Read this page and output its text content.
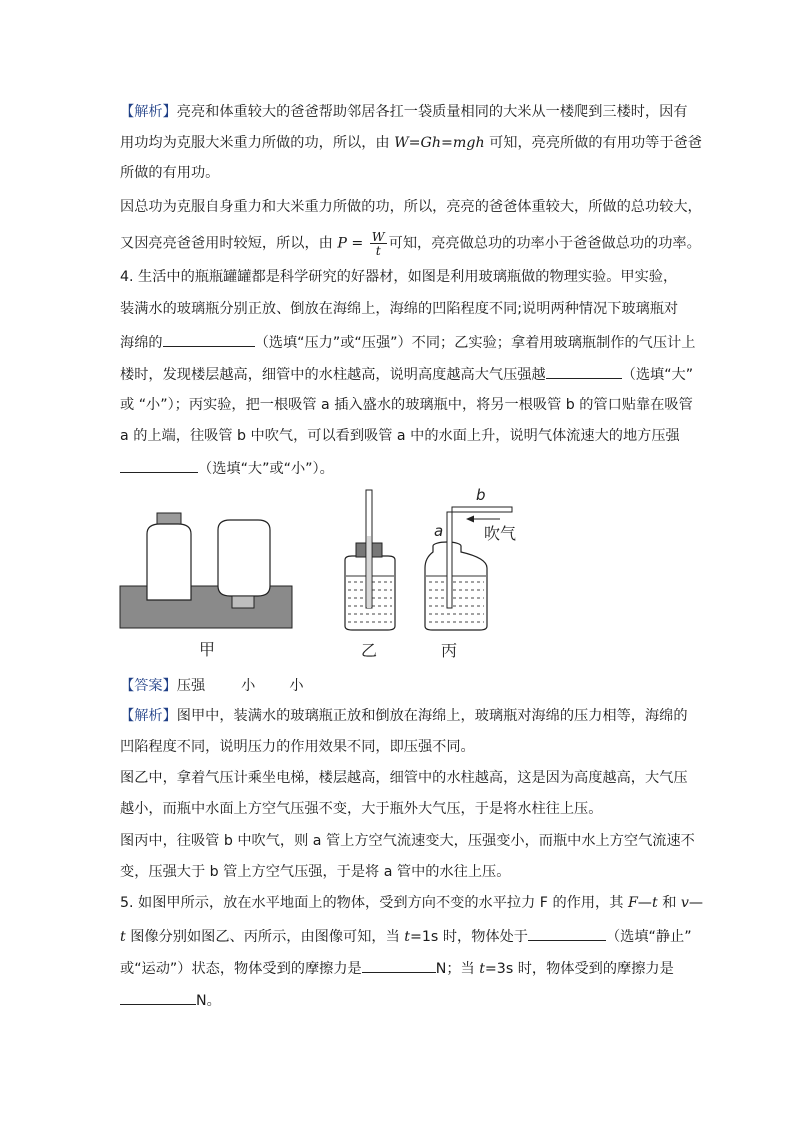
【解析】亮亮和体重较大的爸爸帮助邻居各扛一袋质量相同的大米从一楼爬到三楼时，因有

用功均为克服大米重力所做的功，所以，由 W=Gh=mgh 可知，亮亮所做的有用功等于爸爸

所做的有用功。

因总功为克服自身重力和大米重力所做的功，所以，亮亮的爸爸体重较大，所做的总功较大，

又因亮亮爸爸用时较短，所以，由 $P = \frac{W}{t}$ 可知，亮亮做总功的功率小于爸爸做总功的功率。

4. 生活中的瓶瓶罐罐都是科学研究的好器材，如图是利用玻璃瓶做的物理实验。甲实验，

装满水的玻璃瓶分别正放、倒放在海绵上，海绵的凹陷程度不同;说明两种情况下玻璃瓶对

海绵的	（选填“压力”或“压强”）不同；乙实验；拿着用玻璃瓶制作的气压计上

楼时，发现楼层越高，细管中的水柱越高，说明高度越高大气压强越	（选填“大”

或 “小”）；丙实验，把一根吸管 a 插入盛水的玻璃瓶中，将另一根吸管 b 的管口贴靠在吸管

a 的上端，往吸管 b 中吹气，可以看到吸管 a 中的水面上升，说明气体流速大的地方压强

（选填“大”或“小”）。

a
b
吹气
甲	乙	丙

【答案】压强	小 小

【解析】图甲中，装满水的玻璃瓶正放和倒放在海绵上，玻璃瓶对海绵的压力相等，海绵的

凹陷程度不同，说明压力的作用效果不同，即压强不同。

图乙中，拿着气压计乘坐电梯，楼层越高，细管中的水柱越高，这是因为高度越高，大气压

越小，而瓶中水面上方空气压强不变，大于瓶外大气压，于是将水柱往上压。

图丙中，往吸管 b 中吹气，则 a 管上方空气流速变大，压强变小，而瓶中水上方空气流速不

变，压强大于 b 管上方空气压强，于是将 a 管中的水往上压。

5. 如图甲所示，放在水平地面上的物体，受到方向不变的水平拉力 F 的作用，其 F—t 和 v—

t 图像分别如图乙、丙所示，由图像可知，当 t=1s 时，物体处于	（选填“静止”

或“运动”）状态，物体受到的摩擦力是	N；当 t=3s 时，物体受到的摩擦力是

N。
